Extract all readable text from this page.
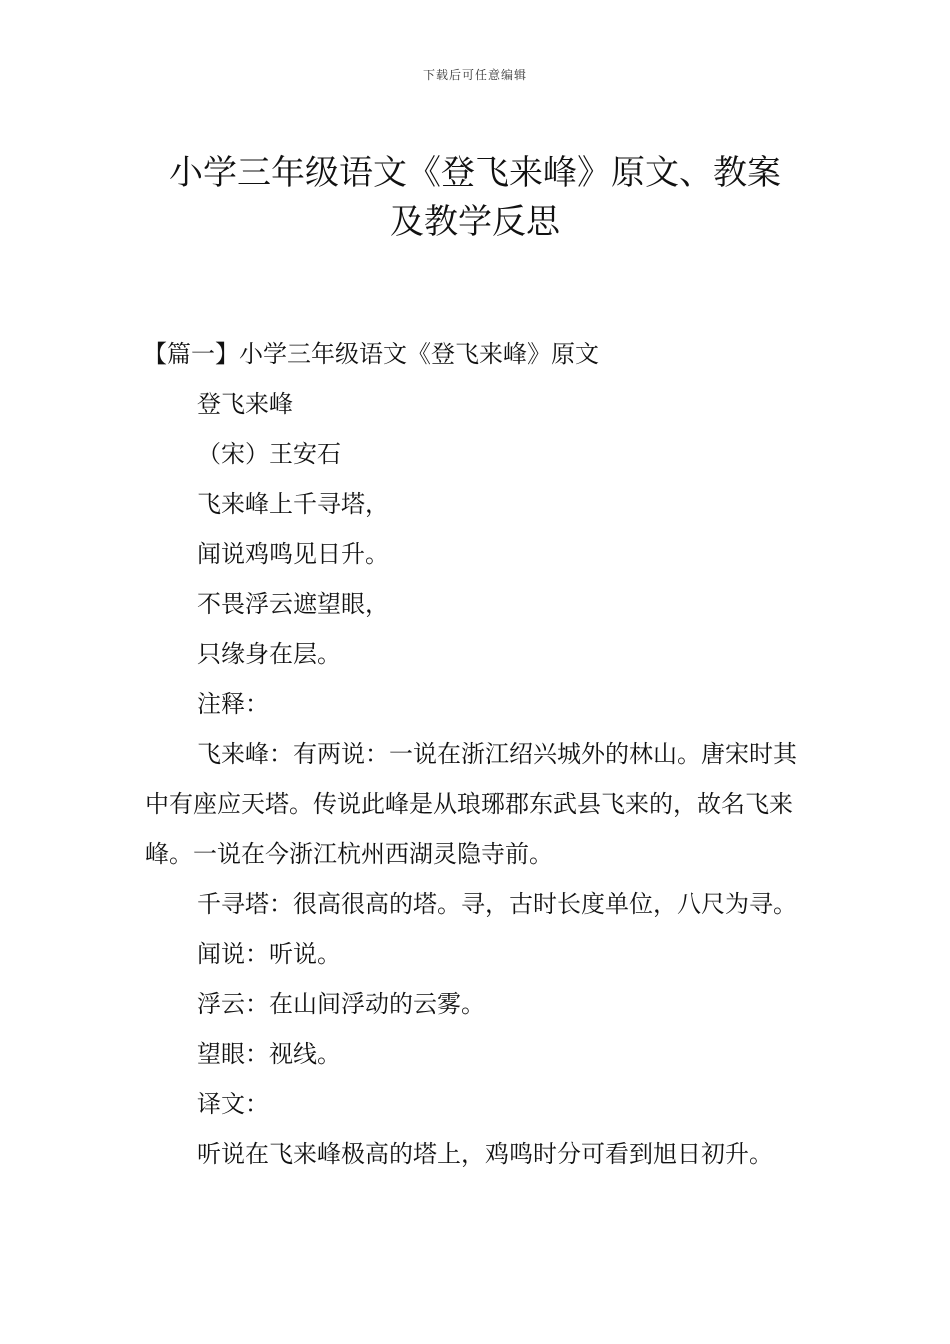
下载后可任意编辑
小学三年级语文《登飞来峰》原文、教案
及教学反思

【篇一】小学三年级语文《登飞来峰》原文

登飞来峰

（宋）王安石

飞来峰上千寻塔，

闻说鸡鸣见日升。

不畏浮云遮望眼，

只缘身在层。

注释：

飞来峰：有两说：一说在浙江绍兴城外的林山。唐宋时其中有座应天塔。传说此峰是从琅琊郡东武县飞来的，故名飞来峰。一说在今浙江杭州西湖灵隐寺前。

千寻塔：很高很高的塔。寻，古时长度单位，八尺为寻。

闻说：听说。

浮云：在山间浮动的云雾。

望眼：视线。

译文：

听说在飞来峰极高的塔上，鸡鸣时分可看到旭日初升。
